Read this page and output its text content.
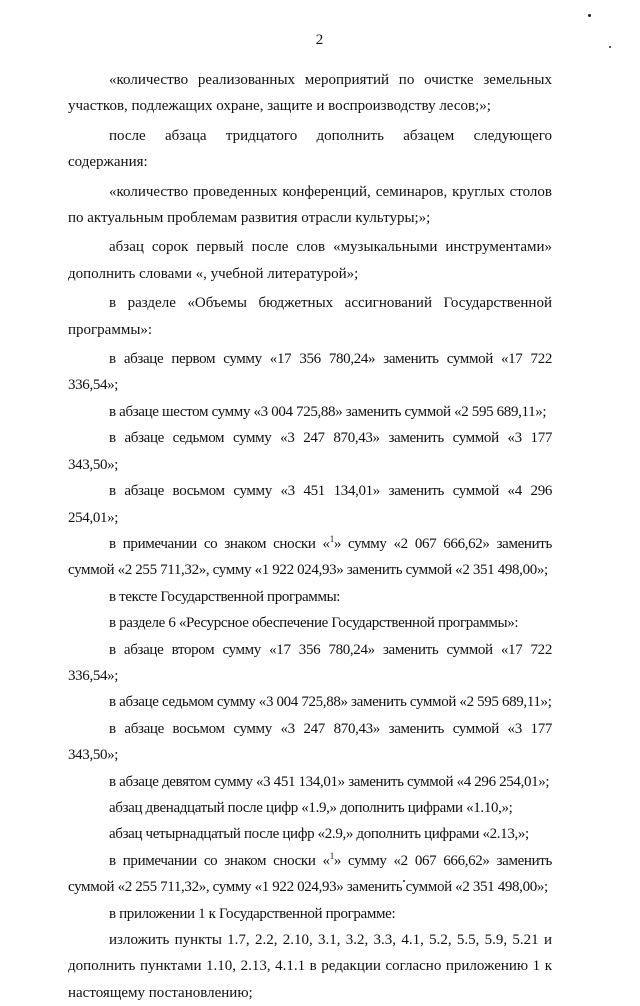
2

«количество реализованных мероприятий по очистке земельных участков, подлежащих охране, защите и воспроизводству лесов;»;

после абзаца тридцатого дополнить абзацем следующего содержания:

«количество проведенных конференций, семинаров, круглых столов по актуальным проблемам развития отрасли культуры;»;

абзац сорок первый после слов «музыкальными инструментами» дополнить словами «, учебной литературой»;

в разделе «Объемы бюджетных ассигнований Государственной программы»:

в абзаце первом сумму «17 356 780,24» заменить суммой «17 722 336,54»;

в абзаце шестом сумму «3 004 725,88» заменить суммой «2 595 689,11»;

в абзаце седьмом сумму «3 247 870,43» заменить суммой «3 177 343,50»;

в абзаце восьмом сумму «3 451 134,01» заменить суммой «4 296 254,01»;

в примечании со знаком сноски «$^1$» сумму «2 067 666,62» заменить суммой «2 255 711,32», сумму «1 922 024,93» заменить суммой «2 351 498,00»;

в тексте Государственной программы:

в разделе 6 «Ресурсное обеспечение Государственной программы»:

в абзаце втором сумму «17 356 780,24» заменить суммой «17 722 336,54»;

в абзаце седьмом сумму «3 004 725,88» заменить суммой «2 595 689,11»;

в абзаце восьмом сумму «3 247 870,43» заменить суммой «3 177 343,50»;

в абзаце девятом сумму «3 451 134,01» заменить суммой «4 296 254,01»;

абзац двенадцатый после цифр «1.9,» дополнить цифрами «1.10,»;

абзац четырнадцатый после цифр «2.9,» дополнить цифрами «2.13,»;

в примечании со знаком сноски «$^1$» сумму «2 067 666,62» заменить суммой «2 255 711,32», сумму «1 922 024,93» заменить суммой «2 351 498,00»;

в приложении 1 к Государственной программе:

изложить пункты 1.7, 2.2, 2.10, 3.1, 3.2, 3.3, 4.1, 5.2, 5.5, 5.9, 5.21 и дополнить пунктами 1.10, 2.13, 4.1.1 в редакции согласно приложению 1 к настоящему постановлению;
